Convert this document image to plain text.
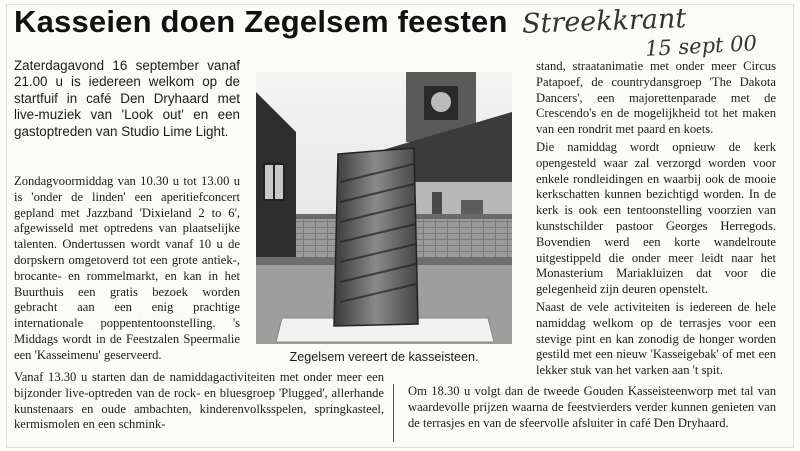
Kasseien doen Zegelsem feesten Streekkrant
15 sept 00

Zaterdagavond 16 september vanaf 21.00 u is iedereen welkom op de startfuif in café Den Dryhaard met live-muziek van 'Look out' en een gastoptreden van Studio Lime Light.

Zondagvoormiddag van 10.30 u tot 13.00 u is 'onder de linden' een aperitiefconcert gepland met Jazzband 'Dixieland 2 to 6', afgewisseld met optredens van plaatselijke talenten. Ondertussen wordt vanaf 10 u de dorpskern omgetoverd tot een grote antiek-, brocante- en rommelmarkt, en kan in het Buurthuis een gratis bezoek worden gebracht aan een enig prachtige internationale poppententoonstelling. 's Middags wordt in de Feestzalen Speermalie een 'Kasseimenu' geserveerd.

Vanaf 13.30 u starten dan de namiddagactiviteiten met onder meer een bijzonder live-optreden van de rock- en bluesgroep 'Plugged', allerhande kunstenaars en oude ambachten, kinderenvolksspelen, springkasteel, kermismolen en een schmink-

Zegelsem vereert de kasseisteen.

stand, straatanimatie met onder meer Circus Patapoef, de countrydansgroep 'The Dakota Dancers', een majorettenparade met de Crescendo's en de mogelijkheid tot het maken van een rondrit met paard en koets.

Die namiddag wordt opnieuw de kerk opengesteld waar zal verzorgd worden voor enkele rondleidingen en waarbij ook de mooie kerkschatten kunnen bezichtigd worden. In de kerk is ook een tentoonstelling voorzien van kunstschilder pastoor Georges Herregods. Bovendien werd een korte wandelroute uitgestippeld die onder meer leidt naar het Monasterium Mariakluizen dat voor die gelegenheid zijn deuren openstelt.

Naast de vele activiteiten is iedereen de hele namiddag welkom op de terrasjes voor een stevige pint en kan zonodig de honger worden gestild met een nieuw 'Kasseigebak' of met een lekker stuk van het varken aan 't spit.

Om 18.30 u volgt dan de tweede Gouden Kasseisteenworp met tal van waardevolle prijzen waarna de feestvierders verder kunnen genieten van de terrasjes en van de sfeervolle afsluiter in café Den Dryhaard.
